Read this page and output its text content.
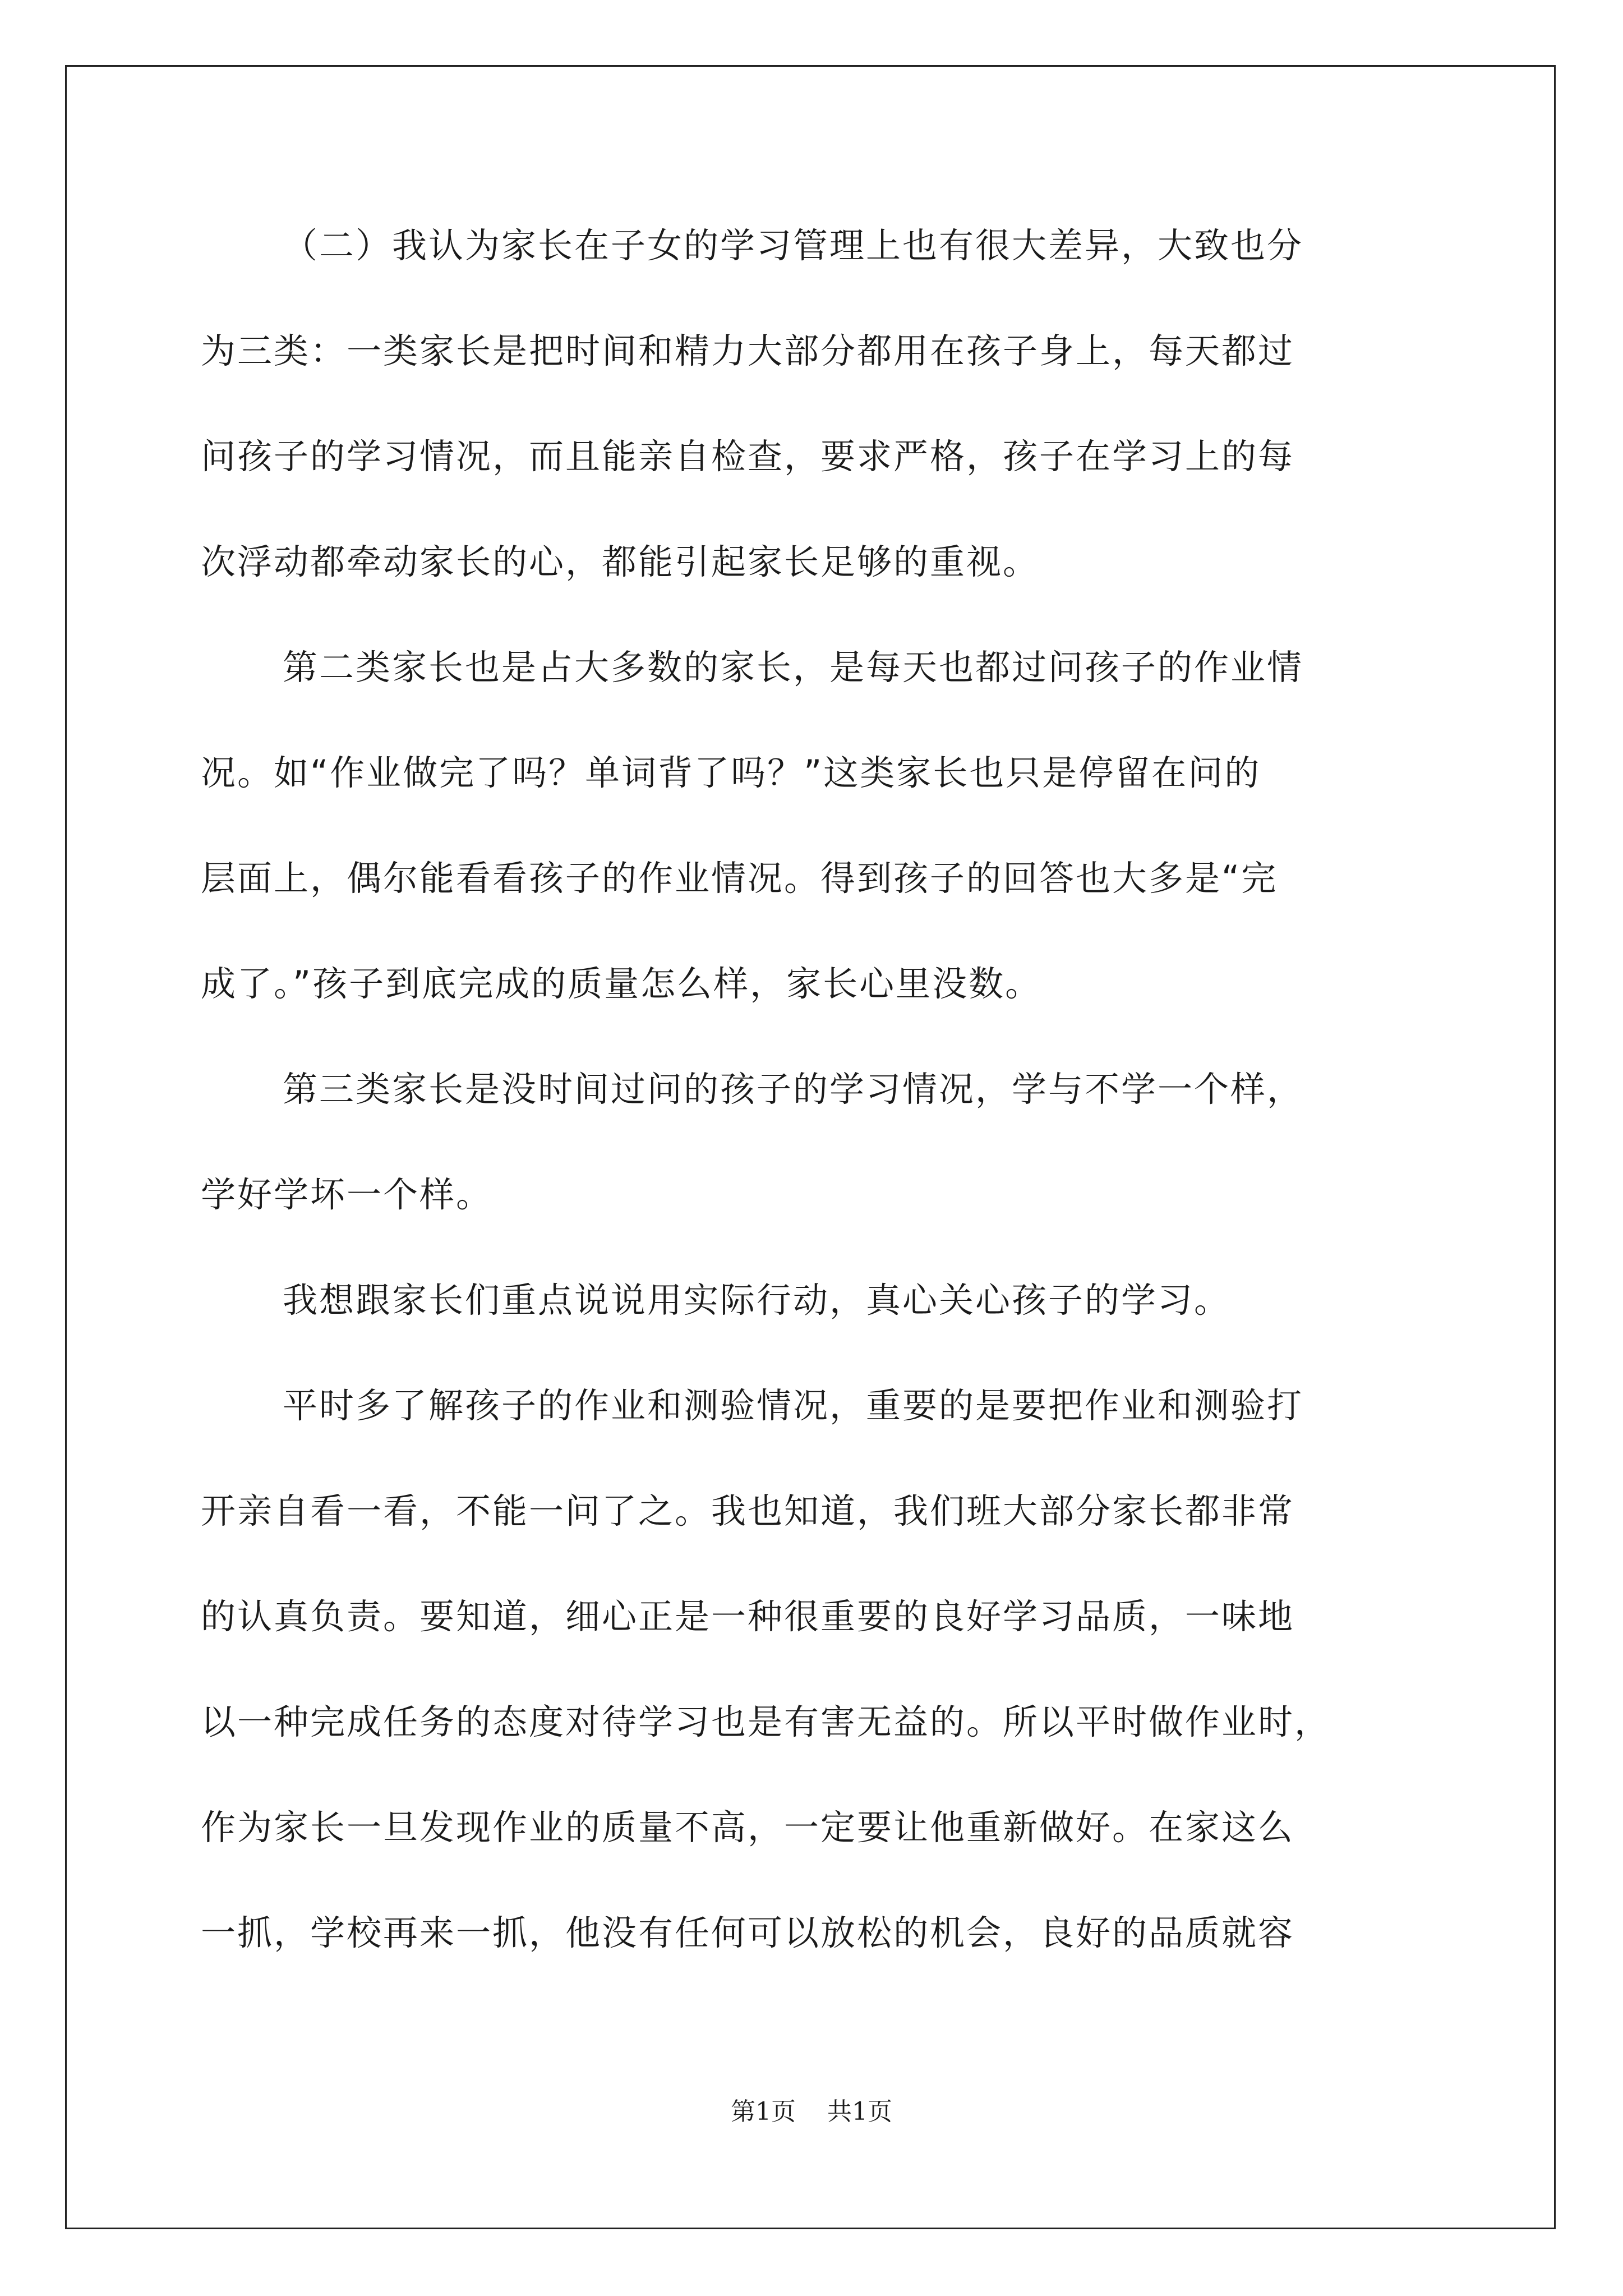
（二）我认为家长在子女的学习管理上也有很大差异，大致也分
为三类：一类家长是把时间和精力大部分都用在孩子身上，每天都过
问孩子的学习情况，而且能亲自检查，要求严格，孩子在学习上的每
次浮动都牵动家长的心，都能引起家长足够的重视。
第二类家长也是占大多数的家长，是每天也都过问孩子的作业情
况。如“作业做完了吗？单词背了吗？”这类家长也只是停留在问的
层面上，偶尔能看看孩子的作业情况。得到孩子的回答也大多是“完
成了。”孩子到底完成的质量怎么样，家长心里没数。
第三类家长是没时间过问的孩子的学习情况，学与不学一个样，
学好学坏一个样。
我想跟家长们重点说说用实际行动，真心关心孩子的学习。
平时多了解孩子的作业和测验情况，重要的是要把作业和测验打
开亲自看一看，不能一问了之。我也知道，我们班大部分家长都非常
的认真负责。要知道，细心正是一种很重要的良好学习品质，一味地
以一种完成任务的态度对待学习也是有害无益的。所以平时做作业时，
作为家长一旦发现作业的质量不高，一定要让他重新做好。在家这么
一抓，学校再来一抓，他没有任何可以放松的机会，良好的品质就容
第1页 共1页
